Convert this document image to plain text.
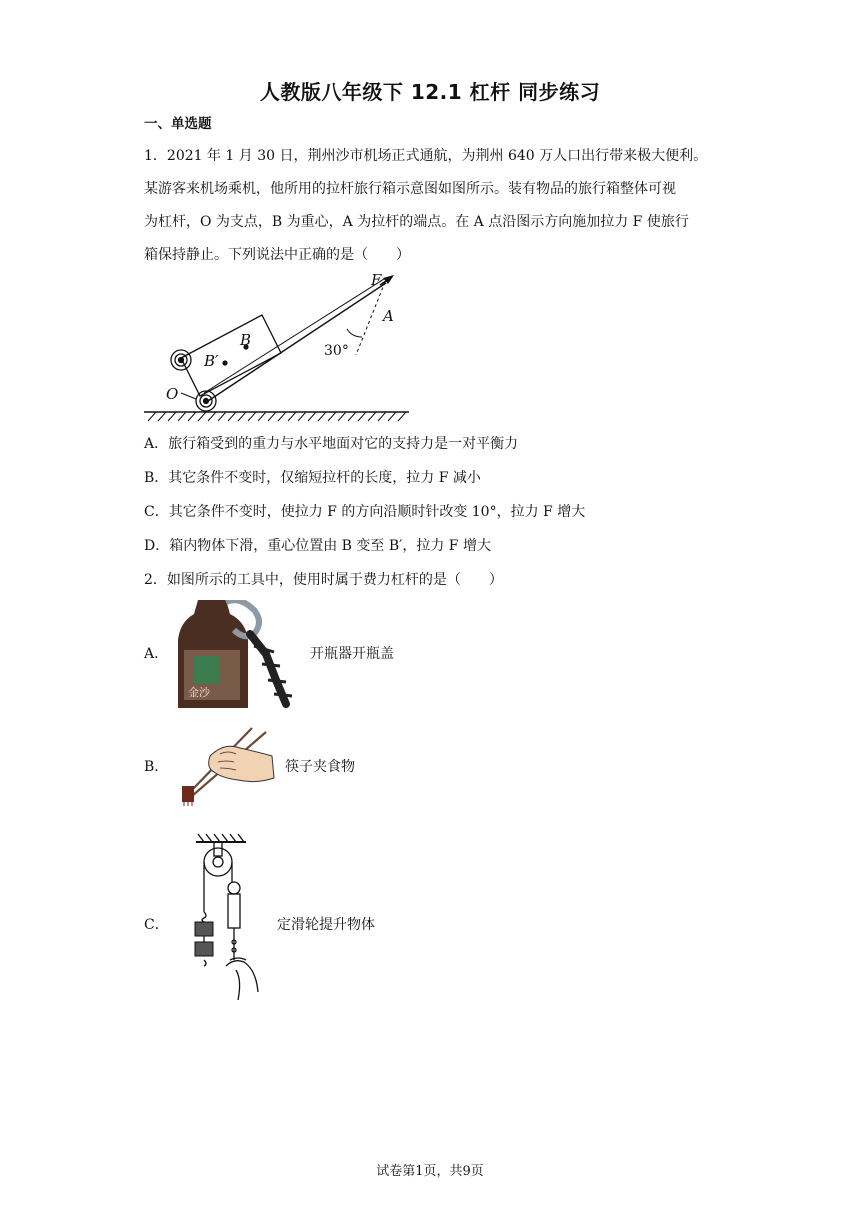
人教版八年级下 12.1 杠杆 同步练习
一、单选题

1．2021 年 1 月 30 日，荆州沙市机场正式通航，为荆州 640 万人口出行带来极大便利。

某游客来机场乘机，他所用的拉杆旅行箱示意图如图所示。装有物品的旅行箱整体可视

为杠杆，O 为支点，B 为重心，A 为拉杆的端点。在 A 点沿图示方向施加拉力 F 使旅行

箱保持静止。下列说法中正确的是（　　）

F
A
B
B′
O
30°
A．旅行箱受到的重力与水平地面对它的支持力是一对平衡力
B．其它条件不变时，仅缩短拉杆的长度，拉力 F 减小
C．其它条件不变时，使拉力 F 的方向沿顺时针改变 10°，拉力 F 增大
D．箱内物体下滑，重心位置由 B 变至 B′，拉力 F 增大
2．如图所示的工具中，使用时属于费力杠杆的是（　　）
A．
金沙
开瓶器开瓶盖
B．	筷子夹食物
C．	定滑轮提升物体
试卷第1页，共9页
